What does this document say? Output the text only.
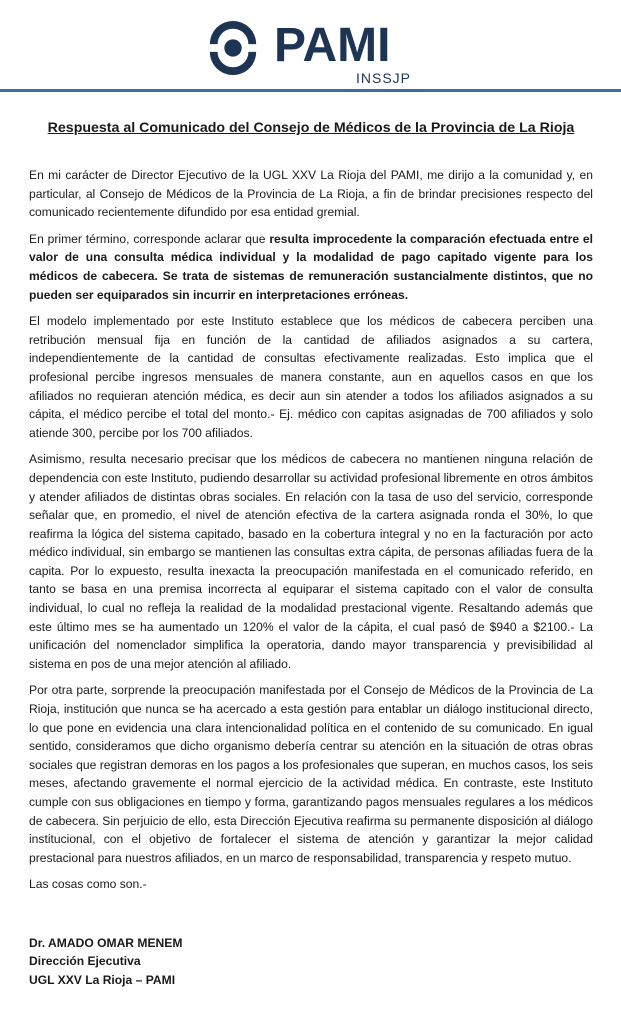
PAMI
INSSJP
Respuesta al Comunicado del Consejo de Médicos de la Provincia de La Rioja

En mi carácter de Director Ejecutivo de la UGL XXV La Rioja del PAMI, me dirijo a la comunidad y, en particular, al Consejo de Médicos de la Provincia de La Rioja, a fin de brindar precisiones respecto del comunicado recientemente difundido por esa entidad gremial.

En primer término, corresponde aclarar que resulta improcedente la comparación efectuada entre el valor de una consulta médica individual y la modalidad de pago capitado vigente para los médicos de cabecera. Se trata de sistemas de remuneración sustancialmente distintos, que no pueden ser equiparados sin incurrir en interpretaciones erróneas.

El modelo implementado por este Instituto establece que los médicos de cabecera perciben una retribución mensual fija en función de la cantidad de afiliados asignados a su cartera, independientemente de la cantidad de consultas efectivamente realizadas. Esto implica que el profesional percibe ingresos mensuales de manera constante, aun en aquellos casos en que los afiliados no requieran atención médica, es decir aun sin atender a todos los afiliados asignados a su cápita, el médico percibe el total del monto.- Ej. médico con capitas asignadas de 700 afiliados y solo atiende 300, percibe por los 700 afiliados.

Asimismo, resulta necesario precisar que los médicos de cabecera no mantienen ninguna relación de dependencia con este Instituto, pudiendo desarrollar su actividad profesional libremente en otros ámbitos y atender afiliados de distintas obras sociales. En relación con la tasa de uso del servicio, corresponde señalar que, en promedio, el nivel de atención efectiva de la cartera asignada ronda el 30%, lo que reafirma la lógica del sistema capitado, basado en la cobertura integral y no en la facturación por acto médico individual, sin embargo se mantienen las consultas extra cápita, de personas afiliadas fuera de la capita. Por lo expuesto, resulta inexacta la preocupación manifestada en el comunicado referido, en tanto se basa en una premisa incorrecta al equiparar el sistema capitado con el valor de consulta individual, lo cual no refleja la realidad de la modalidad prestacional vigente. Resaltando además que este último mes se ha aumentado un 120% el valor de la cápita, el cual pasó de $940 a $2100.- La unificación del nomenclador simplifica la operatoria, dando mayor transparencia y previsibilidad al sistema en pos de una mejor atención al afiliado.

Por otra parte, sorprende la preocupación manifestada por el Consejo de Médicos de la Provincia de La Rioja, institución que nunca se ha acercado a esta gestión para entablar un diálogo institucional directo, lo que pone en evidencia una clara intencionalidad política en el contenido de su comunicado. En igual sentido, consideramos que dicho organismo debería centrar su atención en la situación de otras obras sociales que registran demoras en los pagos a los profesionales que superan, en muchos casos, los seis meses, afectando gravemente el normal ejercicio de la actividad médica. En contraste, este Instituto cumple con sus obligaciones en tiempo y forma, garantizando pagos mensuales regulares a los médicos de cabecera. Sin perjuicio de ello, esta Dirección Ejecutiva reafirma su permanente disposición al diálogo institucional, con el objetivo de fortalecer el sistema de atención y garantizar la mejor calidad prestacional para nuestros afiliados, en un marco de responsabilidad, transparencia y respeto mutuo.

Las cosas como son.-

Dr. AMADO OMAR MENEM
Dirección Ejecutiva
UGL XXV La Rioja – PAMI
